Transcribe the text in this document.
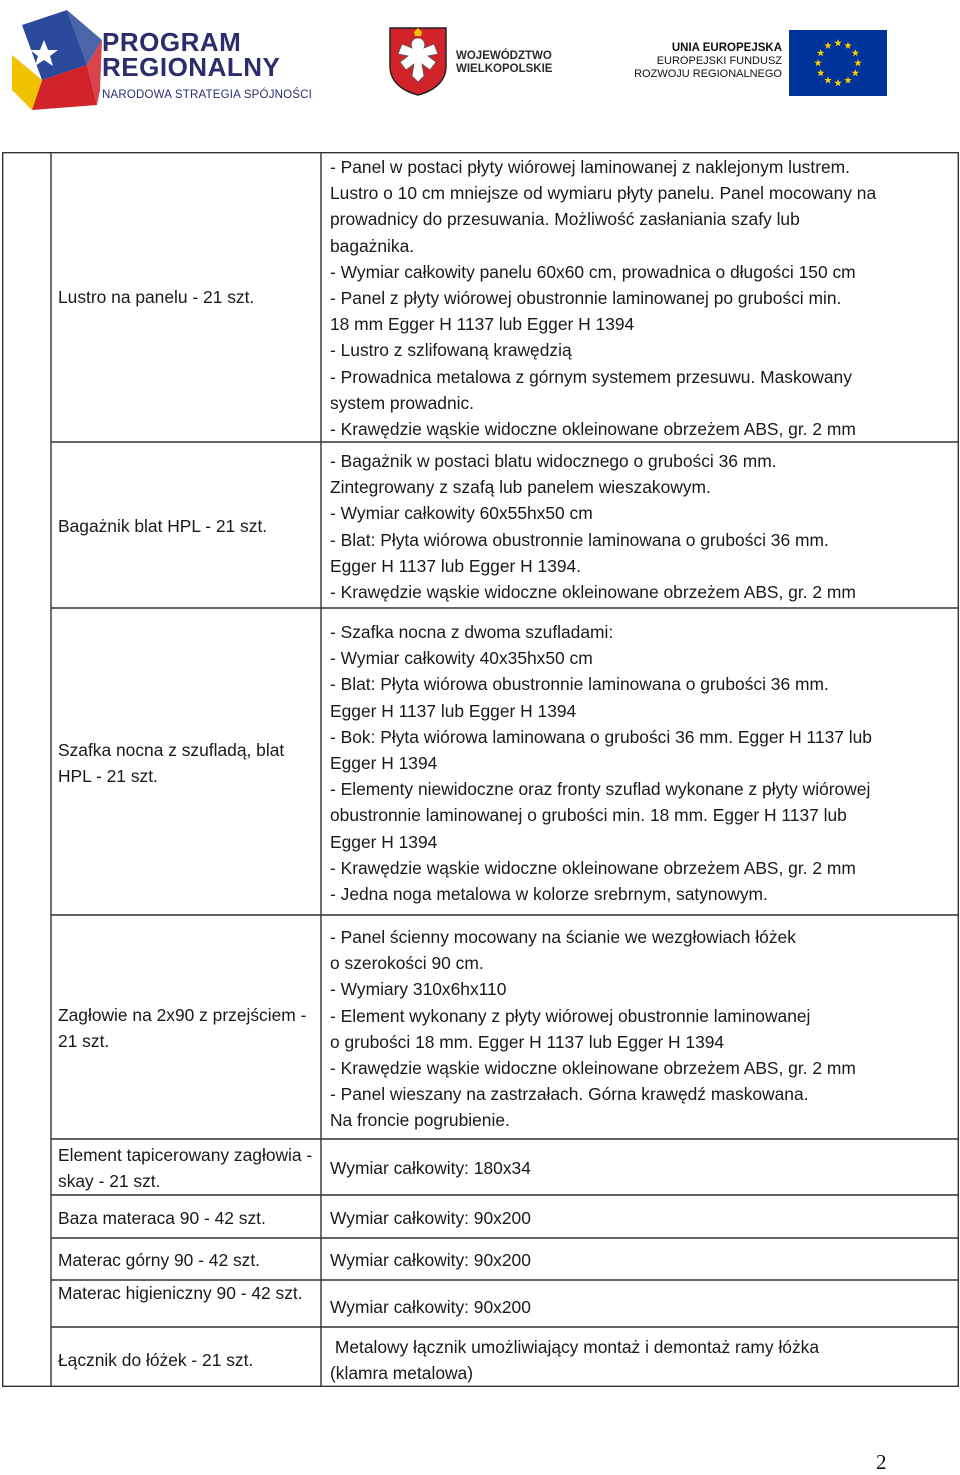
PROGRAM
REGIONALNY
NARODOWA STRATEGIA SPÓJNOŚCI
WOJEWÓDZTWO
WIELKOPOLSKIE
UNIA EUROPEJSKA
EUROPEJSKI FUNDUSZ
ROZWOJU REGIONALNEGO
Lustro na panelu - 21 szt.
- Panel w postaci płyty wiórowej laminowanej z naklejonym lustrem.
Lustro o 10 cm mniejsze od wymiaru płyty panelu. Panel mocowany na
prowadnicy do przesuwania. Możliwość zasłaniania szafy lub
bagażnika.
- Wymiar całkowity panelu 60x60 cm, prowadnica o długości 150 cm
- Panel z płyty wiórowej obustronnie laminowanej po grubości min.
18 mm Egger H 1137 lub Egger H 1394
- Lustro z szlifowaną krawędzią
- Prowadnica metalowa z górnym systemem przesuwu. Maskowany
system prowadnic.
- Krawędzie wąskie widoczne okleinowane obrzeżem ABS, gr. 2 mm
Bagażnik blat HPL - 21 szt.
- Bagażnik w postaci blatu widocznego o grubości 36 mm.
Zintegrowany z szafą lub panelem wieszakowym.
- Wymiar całkowity 60x55hx50 cm
- Blat: Płyta wiórowa obustronnie laminowana o grubości 36 mm.
Egger H 1137 lub Egger H 1394.
- Krawędzie wąskie widoczne okleinowane obrzeżem ABS, gr. 2 mm
Szafka nocna z szufladą, blat HPL - 21 szt.
- Szafka nocna z dwoma szufladami:
- Wymiar całkowity 40x35hx50 cm
- Blat: Płyta wiórowa obustronnie laminowana o grubości 36 mm.
Egger H 1137 lub Egger H 1394
- Bok: Płyta wiórowa laminowana o grubości 36 mm. Egger H 1137 lub
Egger H 1394
- Elementy niewidoczne oraz fronty szuflad wykonane z płyty wiórowej
obustronnie laminowanej o grubości min. 18 mm. Egger H 1137 lub
Egger H 1394
- Krawędzie wąskie widoczne okleinowane obrzeżem ABS, gr. 2 mm
- Jedna noga metalowa w kolorze srebrnym, satynowym.
Zagłowie na 2x90 z przejściem - 21 szt.
- Panel ścienny mocowany na ścianie we wezgłowiach łóżek
o szerokości 90 cm.
- Wymiary 310x6hx110
- Element wykonany z płyty wiórowej obustronnie laminowanej
o grubości 18 mm. Egger H 1137 lub Egger H 1394
- Krawędzie wąskie widoczne okleinowane obrzeżem ABS, gr. 2 mm
- Panel wieszany na zastrzałach. Górna krawędź maskowana.
Na froncie pogrubienie.
Element tapicerowany zagłowia - skay - 21 szt.
Wymiar całkowity: 180x34
Baza materaca 90 - 42 szt.	Wymiar całkowity: 90x200
Materac górny 90 - 42 szt.	Wymiar całkowity: 90x200
Materac higieniczny 90 - 42 szt.
Wymiar całkowity: 90x200
Łącznik do łóżek - 21 szt.
Metalowy łącznik umożliwiający montaż i demontaż ramy łóżka
(klamra metalowa)
2
